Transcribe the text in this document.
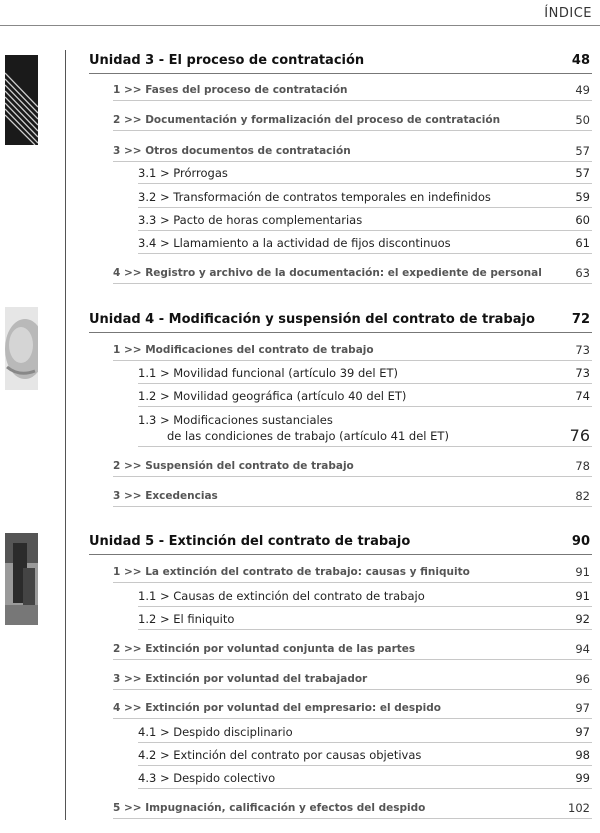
ÍNDICE
Unidad 3 - El proceso de contratación	48
1 >> Fases del proceso de contratación	49
2 >> Documentación y formalización del proceso de contratación	50
3 >> Otros documentos de contratación	57
3.1 > Prórrogas	57
3.2 > Transformación de contratos temporales en indefinidos	59
3.3 > Pacto de horas complementarias	60
3.4 > Llamamiento a la actividad de fijos discontinuos	61
4 >> Registro y archivo de la documentación: el expediente de personal	63
Unidad 4 - Modificación y suspensión del contrato de trabajo	72
1 >> Modificaciones del contrato de trabajo	73
1.1 > Movilidad funcional (artículo 39 del ET)	73
1.2 > Movilidad geográfica (artículo 40 del ET)	74
1.3 > Modificaciones sustanciales
de las condiciones de trabajo (artículo 41 del ET)	76
2 >> Suspensión del contrato de trabajo	78
3 >> Excedencias	82
Unidad 5 - Extinción del contrato de trabajo	90
1 >> La extinción del contrato de trabajo: causas y finiquito	91
1.1 > Causas de extinción del contrato de trabajo	91
1.2 > El finiquito	92
2 >> Extinción por voluntad conjunta de las partes	94
3 >> Extinción por voluntad del trabajador	96
4 >> Extinción por voluntad del empresario: el despido	97
4.1 > Despido disciplinario	97
4.2 > Extinción del contrato por causas objetivas	98
4.3 > Despido colectivo	99
5 >> Impugnación, calificación y efectos del despido	102
